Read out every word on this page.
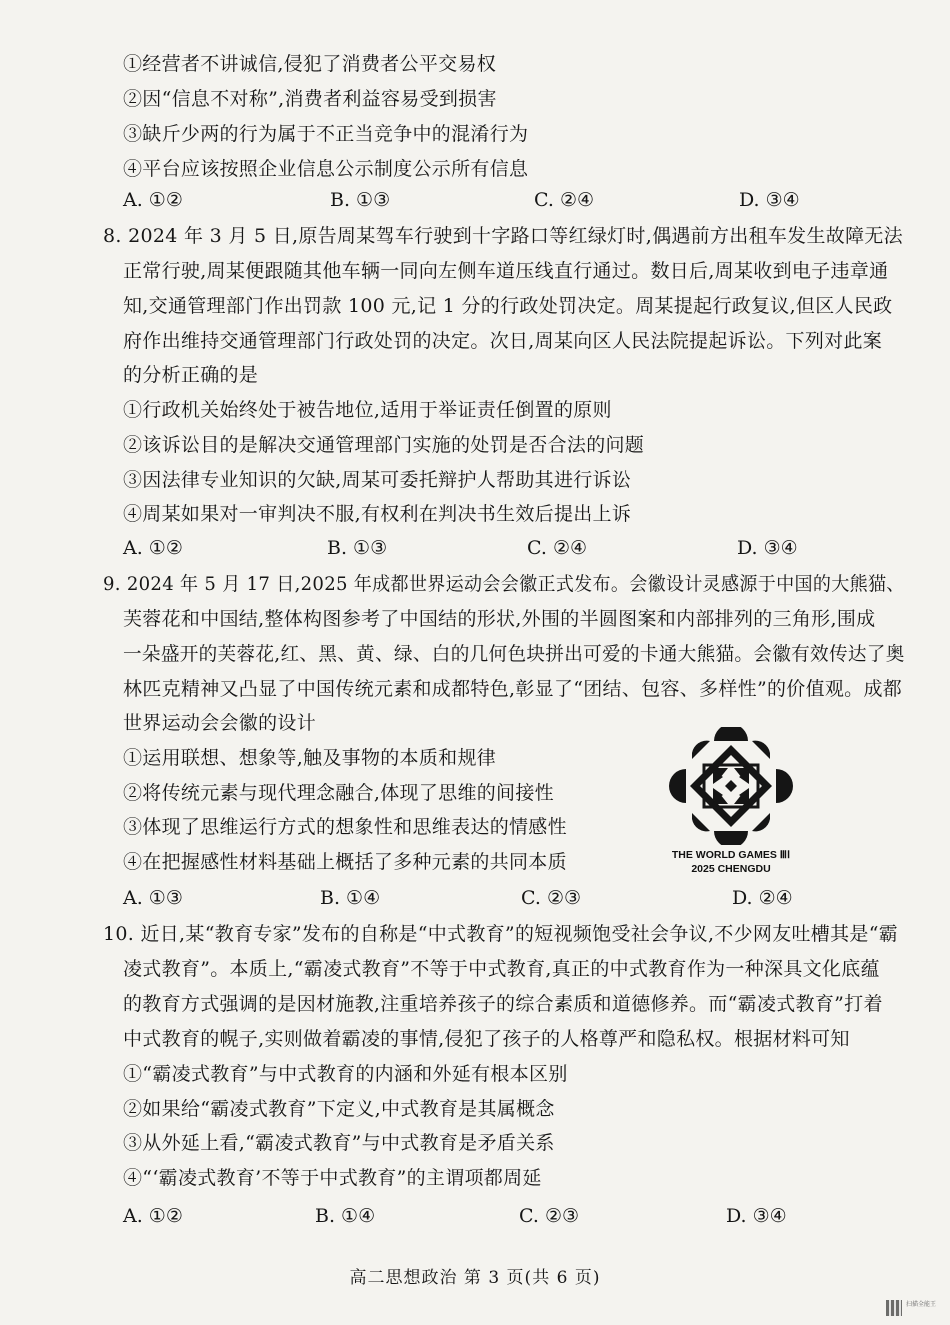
①经营者不讲诚信,侵犯了消费者公平交易权
②因“信息不对称”,消费者利益容易受到损害
③缺斤少两的行为属于不正当竞争中的混淆行为
④平台应该按照企业信息公示制度公示所有信息
A. ①②	B. ①③	C. ②④	D. ③④
8. 2024 年 3 月 5 日,原告周某驾车行驶到十字路口等红绿灯时,偶遇前方出租车发生故障无法
正常行驶,周某便跟随其他车辆一同向左侧车道压线直行通过。数日后,周某收到电子违章通
知,交通管理部门作出罚款 100 元,记 1 分的行政处罚决定。周某提起行政复议,但区人民政
府作出维持交通管理部门行政处罚的决定。次日,周某向区人民法院提起诉讼。下列对此案
的分析正确的是
①行政机关始终处于被告地位,适用于举证责任倒置的原则
②该诉讼目的是解决交通管理部门实施的处罚是否合法的问题
③因法律专业知识的欠缺,周某可委托辩护人帮助其进行诉讼
④周某如果对一审判决不服,有权利在判决书生效后提出上诉
A. ①②	B. ①③	C. ②④	D. ③④
9. 2024 年 5 月 17 日,2025 年成都世界运动会会徽正式发布。会徽设计灵感源于中国的大熊猫、
芙蓉花和中国结,整体构图参考了中国结的形状,外围的半圆图案和内部排列的三角形,围成
一朵盛开的芙蓉花,红、黑、黄、绿、白的几何色块拼出可爱的卡通大熊猫。会徽有效传达了奥
林匹克精神又凸显了中国传统元素和成都特色,彰显了“团结、包容、多样性”的价值观。成都
世界运动会会徽的设计
①运用联想、想象等,触及事物的本质和规律
②将传统元素与现代理念融合,体现了思维的间接性
③体现了思维运行方式的想象性和思维表达的情感性
④在把握感性材料基础上概括了多种元素的共同本质	THE WORLD GAMES ⅢⅠ
2025 CHENGDU
A. ①③	B. ①④	C. ②③	D. ②④
10. 近日,某“教育专家”发布的自称是“中式教育”的短视频饱受社会争议,不少网友吐槽其是“霸
凌式教育”。本质上,“霸凌式教育”不等于中式教育,真正的中式教育作为一种深具文化底蕴
的教育方式强调的是因材施教,注重培养孩子的综合素质和道德修养。而“霸凌式教育”打着
中式教育的幌子,实则做着霸凌的事情,侵犯了孩子的人格尊严和隐私权。根据材料可知
①“霸凌式教育”与中式教育的内涵和外延有根本区别
②如果给“霸凌式教育”下定义,中式教育是其属概念
③从外延上看,“霸凌式教育”与中式教育是矛盾关系
④“‘霸凌式教育’不等于中式教育”的主谓项都周延
A. ①②	B. ①④	C. ②③	D. ③④
高二思想政治 第 3 页(共 6 页)
扫描全能王
